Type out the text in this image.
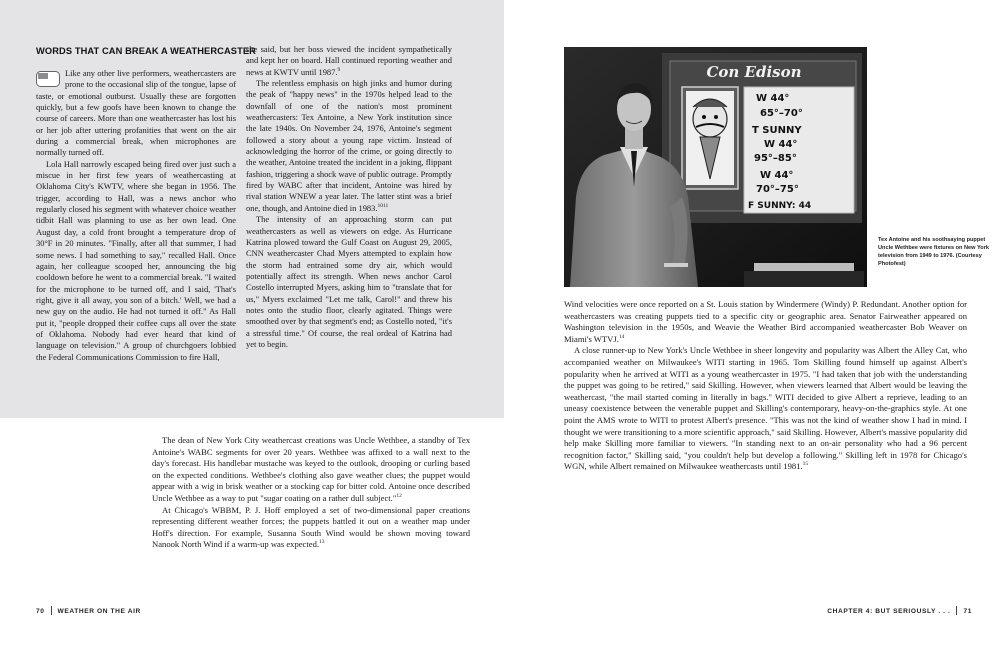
WORDS THAT CAN BREAK A WEATHERCASTER

Like any other live performers, weathercasters are prone to the occasional slip of the tongue, lapse of taste, or emotional outburst. Usually these are forgotten quickly, but a few goofs have been known to change the course of careers. More than one weathercaster has lost his or her job after uttering profanities that went on the air during a commercial break, when microphones are normally turned off.

Lola Hall narrowly escaped being fired over just such a miscue in her first few years of weathercasting at Oklahoma City's KWTV, where she began in 1956. The trigger, according to Hall, was a news anchor who regularly closed his segment with whatever choice weather tidbit Hall was planning to use as her own lead. One August day, a cold front brought a temperature drop of 30°F in 20 minutes. "Finally, after all that summer, I had some news. I had something to say," recalled Hall. Once again, her colleague scooped her, announcing the big cooldown before he went to a commercial break. "I waited for the microphone to be turned off, and I said, 'That's right, give it all away, you son of a bitch.' Well, we had a new guy on the audio. He had not turned it off." As Hall put it, "people dropped their coffee cups all over the state of Oklahoma. Nobody had ever heard that kind of language on television." A group of churchgoers lobbied the Federal Communications Commission to fire Hall,

she said, but her boss viewed the incident sympathetically and kept her on board. Hall continued reporting weather and news at KWTV until 1987.$^9$

The relentless emphasis on high jinks and humor during the peak of "happy news" in the 1970s helped lead to the downfall of one of the nation's most prominent weathercasters: Tex Antoine, a New York institution since the late 1940s. On November 24, 1976, Antoine's segment followed a story about a young rape victim. Instead of acknowledging the horror of the crime, or going directly to the weather, Antoine treated the incident in a joking, flippant fashion, triggering a shock wave of public outrage. Promptly fired by WABC after that incident, Antoine was hired by rival station WNEW a year later. The latter stint was a brief one, though, and Antoine died in 1983.$^{1011}$

The intensity of an approaching storm can put weathercasters as well as viewers on edge. As Hurricane Katrina plowed toward the Gulf Coast on August 29, 2005, CNN weathercaster Chad Myers attempted to explain how the storm had entrained some dry air, which would potentially affect its strength. When news anchor Carol Costello interrupted Myers, asking him to "translate that for us," Myers exclaimed "Let me talk, Carol!" and threw his notes onto the studio floor, clearly agitated. Things were smoothed over by that segment's end; as Costello noted, "it's a stressful time." Of course, the real ordeal of Katrina had yet to begin.

The dean of New York City weathercast creations was Uncle Wethbee, a standby of Tex Antoine's WABC segments for over 20 years. Wethbee was affixed to a wall next to the day's forecast. His handlebar mustache was keyed to the outlook, drooping or curling based on the expected conditions. Wethbee's clothing also gave weather clues; the puppet would appear with a wig in brisk weather or a stocking cap for bitter cold. Antoine once described Uncle Wethbee as a way to put "sugar coating on a rather dull subject."$^{12}$

At Chicago's WBBM, P. J. Hoff employed a set of two-dimensional paper creations representing different weather forces; the puppets battled it out on a weather map under Hoff's direction. For example, Susanna South Wind would be shown moving toward Nanook North Wind if a warm-up was expected.$^{13}$

70 WEATHER ON THE AIR
Con Edison
W 44°
65°–70°
T SUNNY
W 44°
95°–85°
W 44°
70°–75°
F SUNNY: 44
Tex Antoine and his soothsaying puppet Uncle Wethbee were fixtures on New York television from 1949 to 1976. (Courtesy Photofest)

Wind velocities were once reported on a St. Louis station by Windermere (Windy) P. Redundant. Another option for weathercasters was creating puppets tied to a specific city or geographic area. Senator Fairweather appeared on Washington television in the 1950s, and Weavie the Weather Bird accompanied weathercaster Bob Weaver on Miami's WTVJ.$^{14}$

A close runner-up to New York's Uncle Wethbee in sheer longevity and popularity was Albert the Alley Cat, who accompanied weather on Milwaukee's WITI starting in 1965. Tom Skilling found himself up against Albert's popularity when he arrived at WITI as a young weathercaster in 1975. "I had taken that job with the understanding the puppet was going to be retired," said Skilling. However, when viewers learned that Albert would be leaving the weathercast, "the mail started coming in literally in bags." WITI decided to give Albert a reprieve, leading to an uneasy coexistence between the venerable puppet and Skilling's contemporary, heavy-on-the-graphics style. At one point the AMS wrote to WITI to protest Albert's presence. "This was not the kind of weather show I had in mind. I thought we were transitioning to a more scientific approach," said Skilling. However, Albert's massive popularity did help make Skilling more familiar to viewers. "In standing next to an on-air personality who had a 96 percent recognition factor," Skilling said, "you couldn't help but develop a following." Skilling left in 1978 for Chicago's WGN, while Albert remained on Milwaukee weathercasts until 1981.15

CHAPTER 4: BUT SERIOUSLY . . . 71
